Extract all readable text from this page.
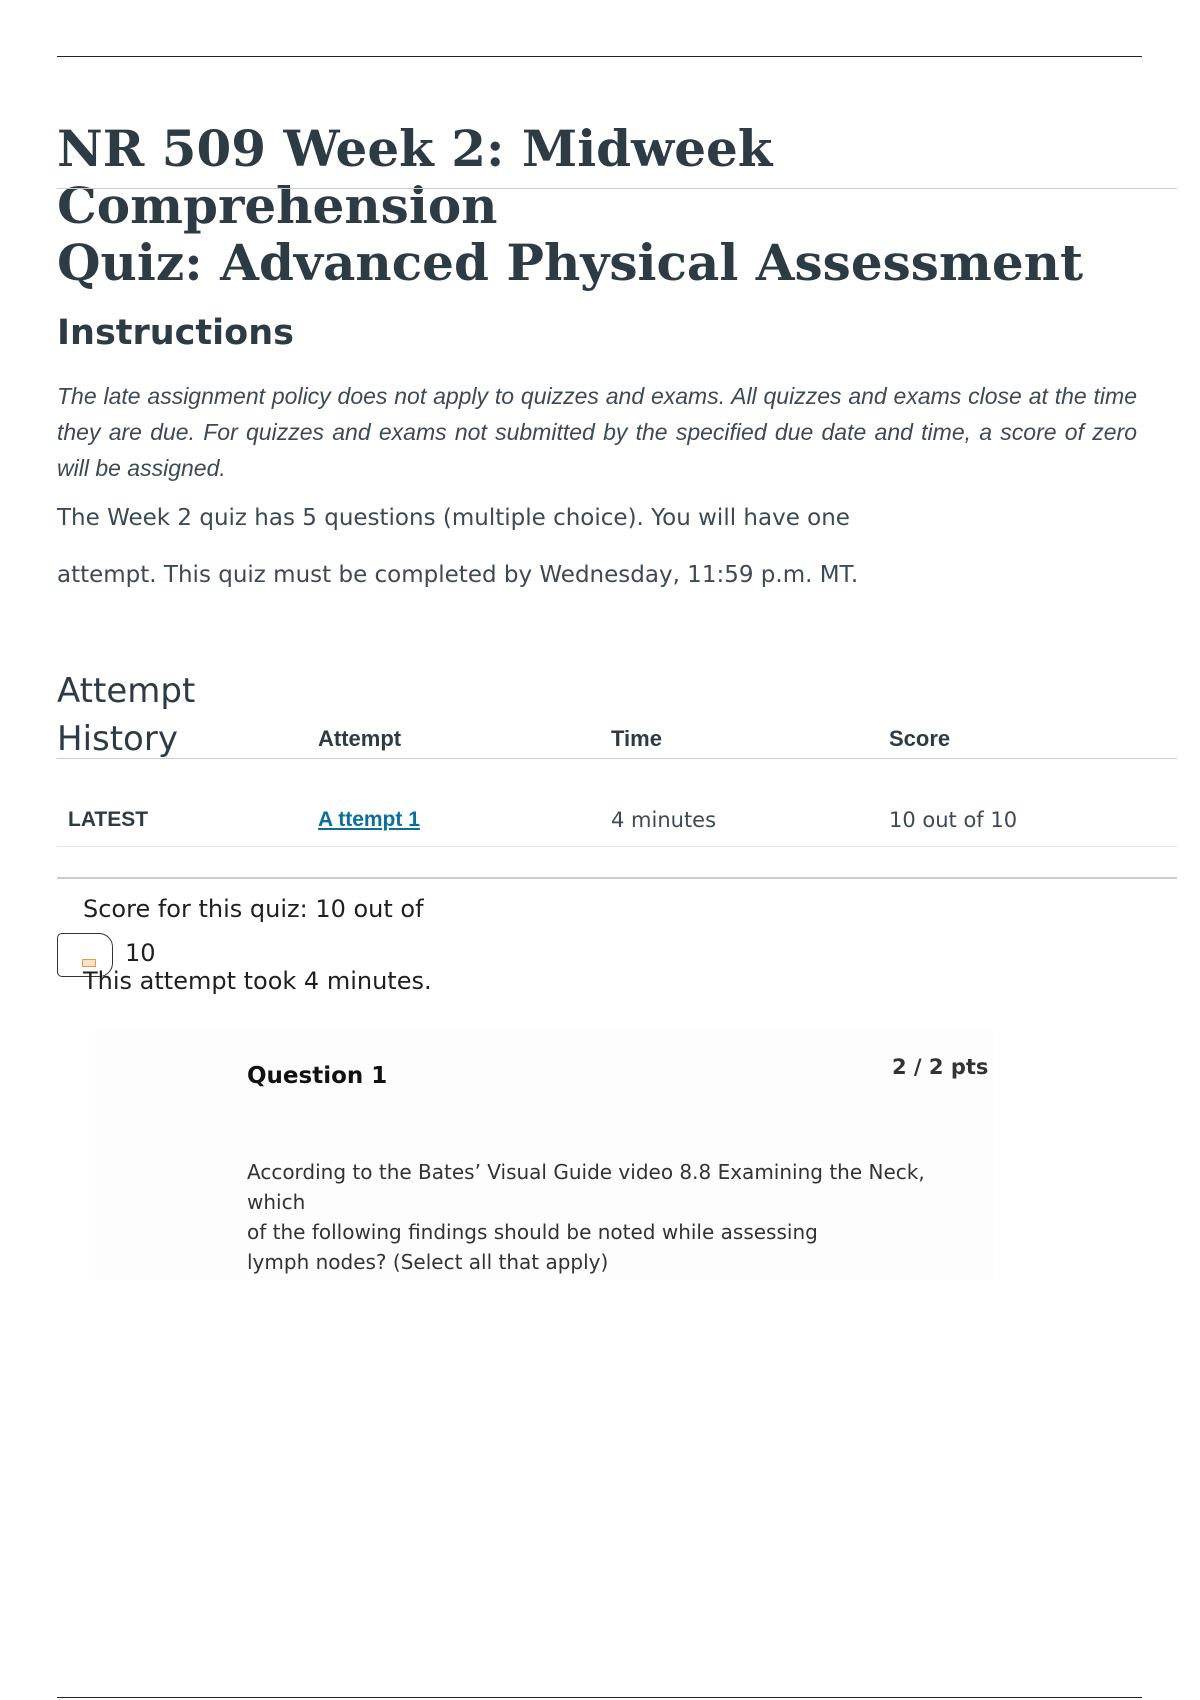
NR 509 Week 2: Midweek Comprehension
Quiz: Advanced Physical Assessment
Instructions

The late assignment policy does not apply to quizzes and exams. All quizzes and exams close at the time they are due. For quizzes and exams not submitted by the specified due date and time, a score of zero will be assigned.

The Week 2 quiz has 5 questions (multiple choice). You will have one

attempt. This quiz must be completed by Wednesday, 11:59 p.m. MT.

Attempt
History	Attempt	Time	Score
LATEST	A ttempt 1	4 minutes	10 out of 10

Score for this quiz: 10 out of

10

This attempt took 4 minutes.

Question 1	2 / 2 pts

According to the Bates’ Visual Guide video 8.8 Examining the Neck, which
of the following findings should be noted while assessing
lymph nodes? (Select all that apply)
